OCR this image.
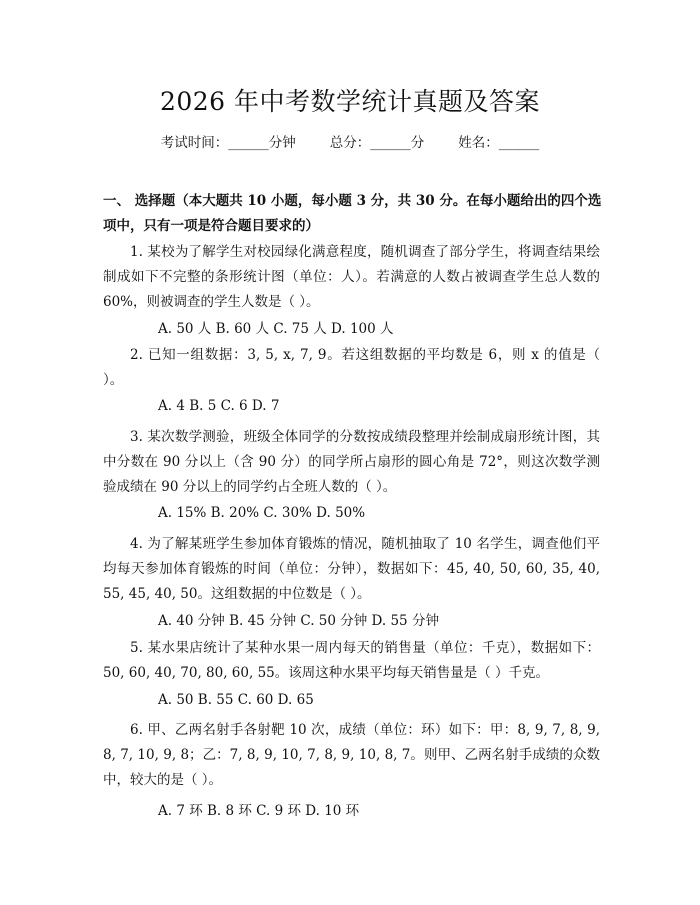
2026 年中考数学统计真题及答案
考试时间：______分钟	总分：______分	姓名：______
一、 选择题（本大题共 10 小题，每小题 3 分，共 30 分。在每小题给出的四个选项中，只有一项是符合题目要求的）
1. 某校为了解学生对校园绿化满意程度，随机调查了部分学生，将调查结果绘制成如下不完整的条形统计图（单位：人）。若满意的人数占被调查学生总人数的 60%，则被调查的学生人数是（ ）。
A. 50 人 B. 60 人 C. 75 人 D. 100 人
2. 已知一组数据：3, 5, x, 7, 9。若这组数据的平均数是 6，则 x 的值是（ ）。
A. 4 B. 5 C. 6 D. 7
3. 某次数学测验，班级全体同学的分数按成绩段整理并绘制成扇形统计图，其中分数在 90 分以上（含 90 分）的同学所占扇形的圆心角是 72°，则这次数学测验成绩在 90 分以上的同学约占全班人数的（ ）。
A. 15% B. 20% C. 30% D. 50%
4. 为了解某班学生参加体育锻炼的情况，随机抽取了 10 名学生，调查他们平均每天参加体育锻炼的时间（单位：分钟），数据如下：45, 40, 50, 60, 35, 40, 55, 45, 40, 50。这组数据的中位数是（ ）。
A. 40 分钟 B. 45 分钟 C. 50 分钟 D. 55 分钟
5. 某水果店统计了某种水果一周内每天的销售量（单位：千克），数据如下：50, 60, 40, 70, 80, 60, 55。该周这种水果平均每天销售量是（ ）千克。
A. 50 B. 55 C. 60 D. 65
6. 甲、乙两名射手各射靶 10 次，成绩（单位：环）如下：甲：8, 9, 7, 8, 9, 8, 7, 10, 9, 8；乙：7, 8, 9, 10, 7, 8, 9, 10, 8, 7。则甲、乙两名射手成绩的众数中，较大的是（ ）。
A. 7 环 B. 8 环 C. 9 环 D. 10 环
